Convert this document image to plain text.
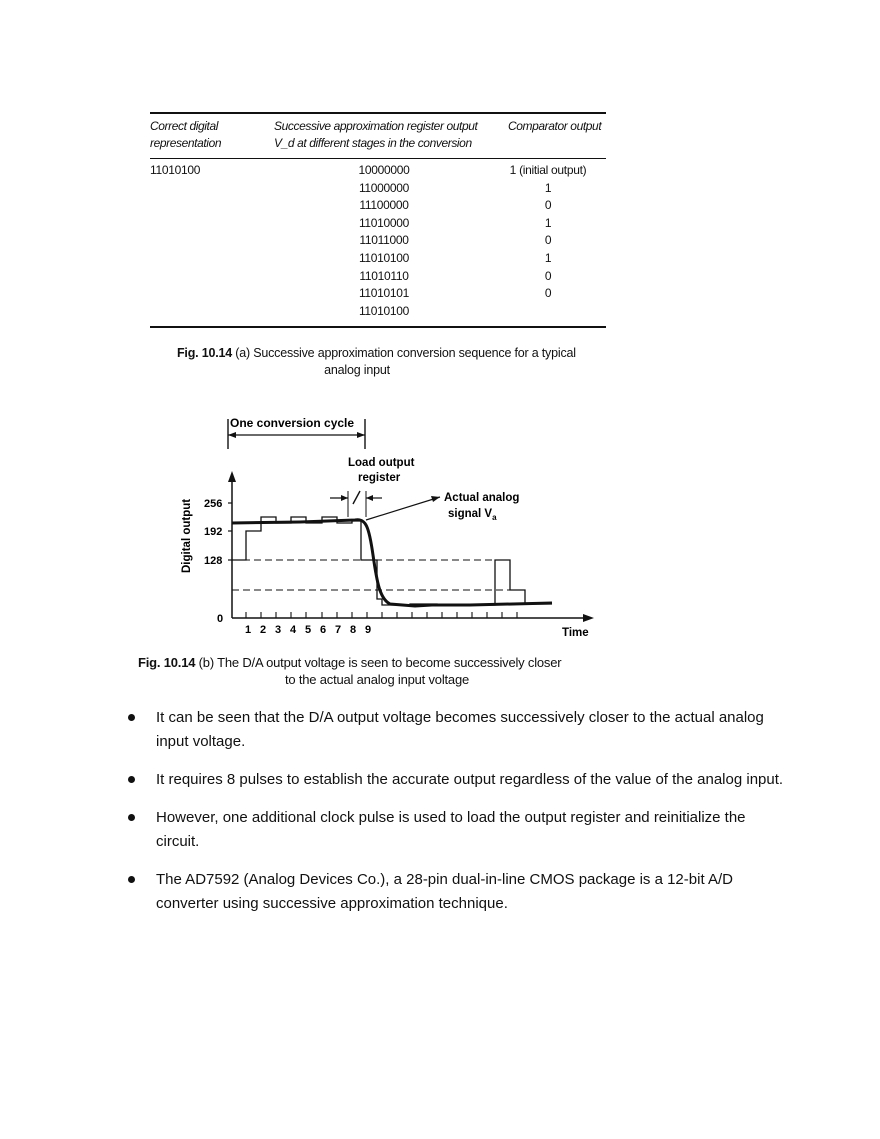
Correct digital
representation
Successive approximation register output
V_d at different stages in the conversion
Comparator output
11010100	10000000
11000000
11100000
11010000
11011000
11010100
11010110
11010101
11010100
1 (initial output)
1
0
1
0
1
0
0
Fig. 10.14 (a) Successive approximation conversion sequence for a typical
analog input
One conversion cycle
Load output
register
Actual analog
signal $V_a$
256
192
128
0
Digital output
1 2 3 4 5 6 7 8 9	Time
Fig. 10.14 (b) The D/A output voltage is seen to become successively closer
to the actual analog input voltage
It can be seen that the D/A output voltage becomes successively closer to the actual analog input voltage.
It requires 8 pulses to establish the accurate output regardless of the value of the analog input.
However, one additional clock pulse is used to load the output register and reinitialize the circuit.
The AD7592 (Analog Devices Co.), a 28-pin dual-in-line CMOS package is a 12-bit A/D converter using successive approximation technique.
